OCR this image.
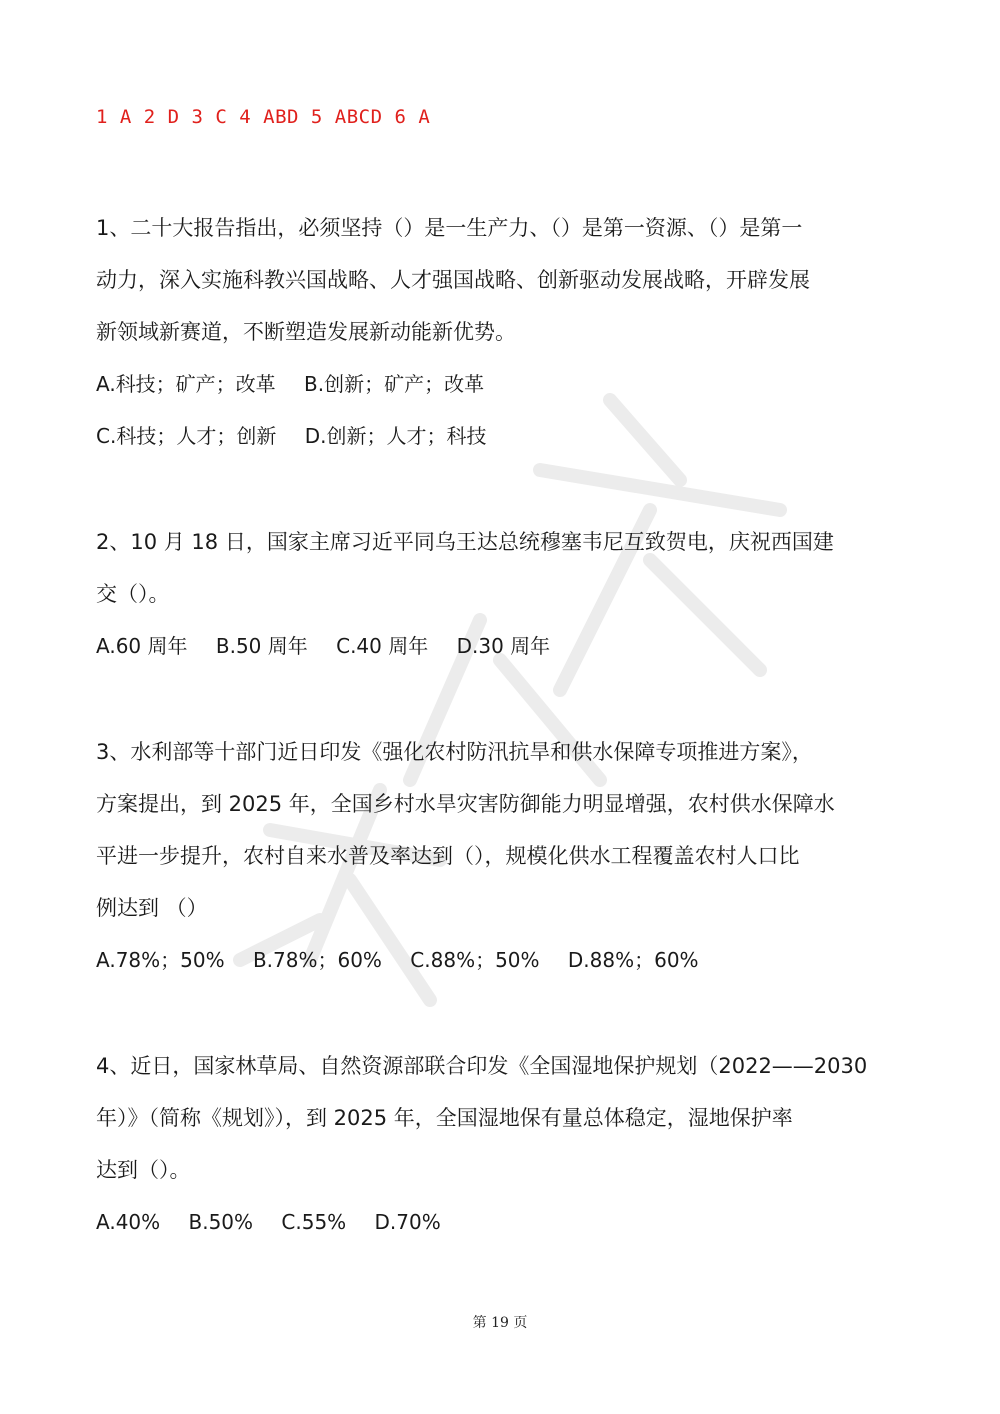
1 A 2 D 3 C 4 ABD 5 ABCD 6 A
1、二十大报告指出，必须坚持（）是一生产力、（）是第一资源、（）是第一
动力，深入实施科教兴国战略、人才强国战略、创新驱动发展战略，开辟发展
新领域新赛道，不断塑造发展新动能新优势。
A.科技；矿产；改革 B.创新；矿产；改革
C.科技；人才；创新 D.创新；人才；科技
2、10 月 18 日，国家主席习近平同乌王达总统穆塞韦尼互致贺电，庆祝西国建
交（）。
A.60 周年 B.50 周年 C.40 周年 D.30 周年
3、水利部等十部门近日印发《强化农村防汛抗旱和供水保障专项推进方案》，
方案提出，到 2025 年，全国乡村水旱灾害防御能力明显增强，农村供水保障水
平进一步提升，农村自来水普及率达到（），规模化供水工程覆盖农村人口比
例达到 （）
A.78%；50% B.78%；60% C.88%；50% D.88%；60%
4、近日，国家林草局、自然资源部联合印发《全国湿地保护规划（2022——2030
年）》（简称《规划》），到 2025 年，全国湿地保有量总体稳定，湿地保护率
达到（）。
A.40% B.50% C.55% D.70%
第 19 页
